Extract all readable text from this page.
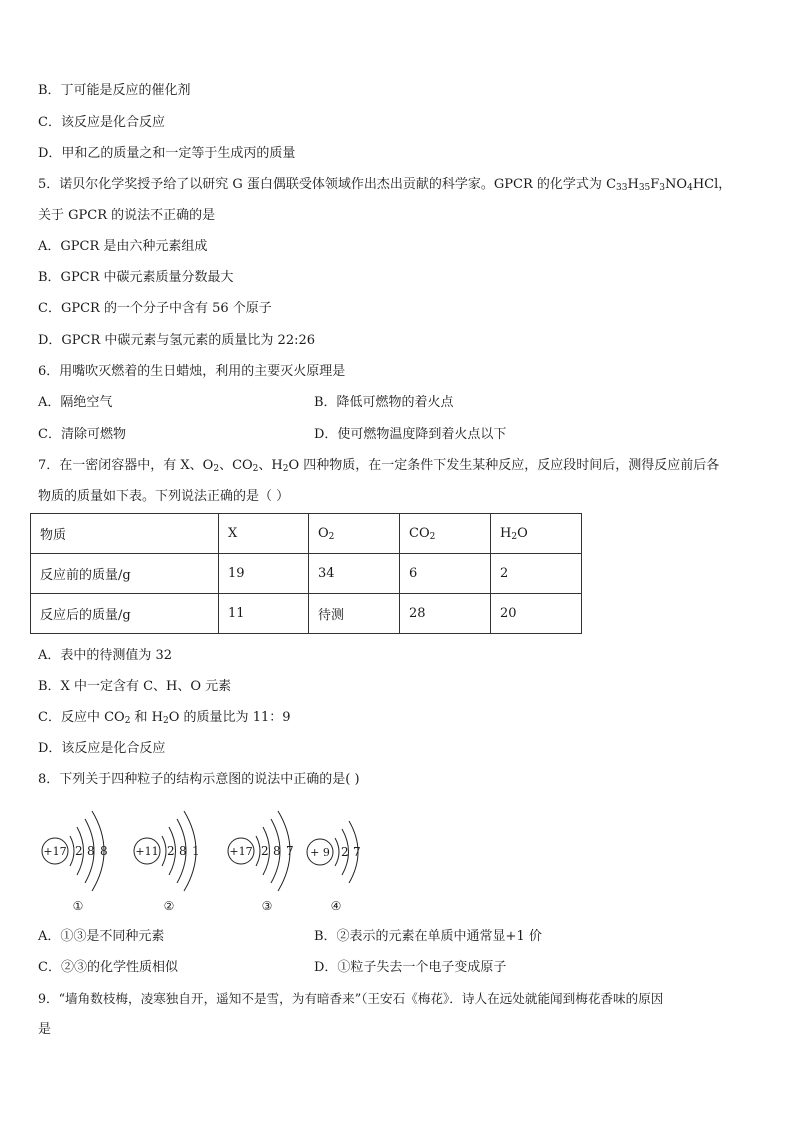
B．丁可能是反应的催化剂
C．该反应是化合反应
D．甲和乙的质量之和一定等于生成丙的质量
5．诺贝尔化学奖授予给了以研究 G 蛋白偶联受体领域作出杰出贡献的科学家。GPCR 的化学式为 $C_{33}H_{35}F_3NO_4HCl$，
关于 GPCR 的说法不正确的是
A．GPCR 是由六种元素组成
B．GPCR 中碳元素质量分数最大
C．GPCR 的一个分子中含有 56 个原子
D．GPCR 中碳元素与氢元素的质量比为 22:26
6．用嘴吹灭燃着的生日蜡烛，利用的主要灭火原理是
A．隔绝空气	B．降低可燃物的着火点
C．清除可燃物	D．使可燃物温度降到着火点以下
7．在一密闭容器中，有 X、$O_2$、$CO_2$、$H_2O$ 四种物质，在一定条件下发生某种反应，反应段时间后，测得反应前后各
物质的质量如下表。下列说法正确的是（ ）
物质	X	$O_2$	$CO_2$	$H_2O$
反应前的质量/g	19	34	6	2
反应后的质量/g	11	待测	28	20
A．表中的待测值为 32
B．X 中一定含有 C、H、O 元素
C．反应中 $CO_2$ 和 $H_2O$ 的质量比为 11：9
D．该反应是化合反应
8．下列关于四种粒子的结构示意图的说法中正确的是( )
+17 2 8 8
①
+11 2 8 1
②
+17 2 8 7
③
+ 9 2 7
④
A．①③是不同种元素	B．②表示的元素在单质中通常显+1 价
C．②③的化学性质相似	D．①粒子失去一个电子变成原子
9．“墙角数枝梅，凌寒独自开，遥知不是雪，为有暗香来”（王安石《梅花》．诗人在远处就能闻到梅花香味的原因
是
